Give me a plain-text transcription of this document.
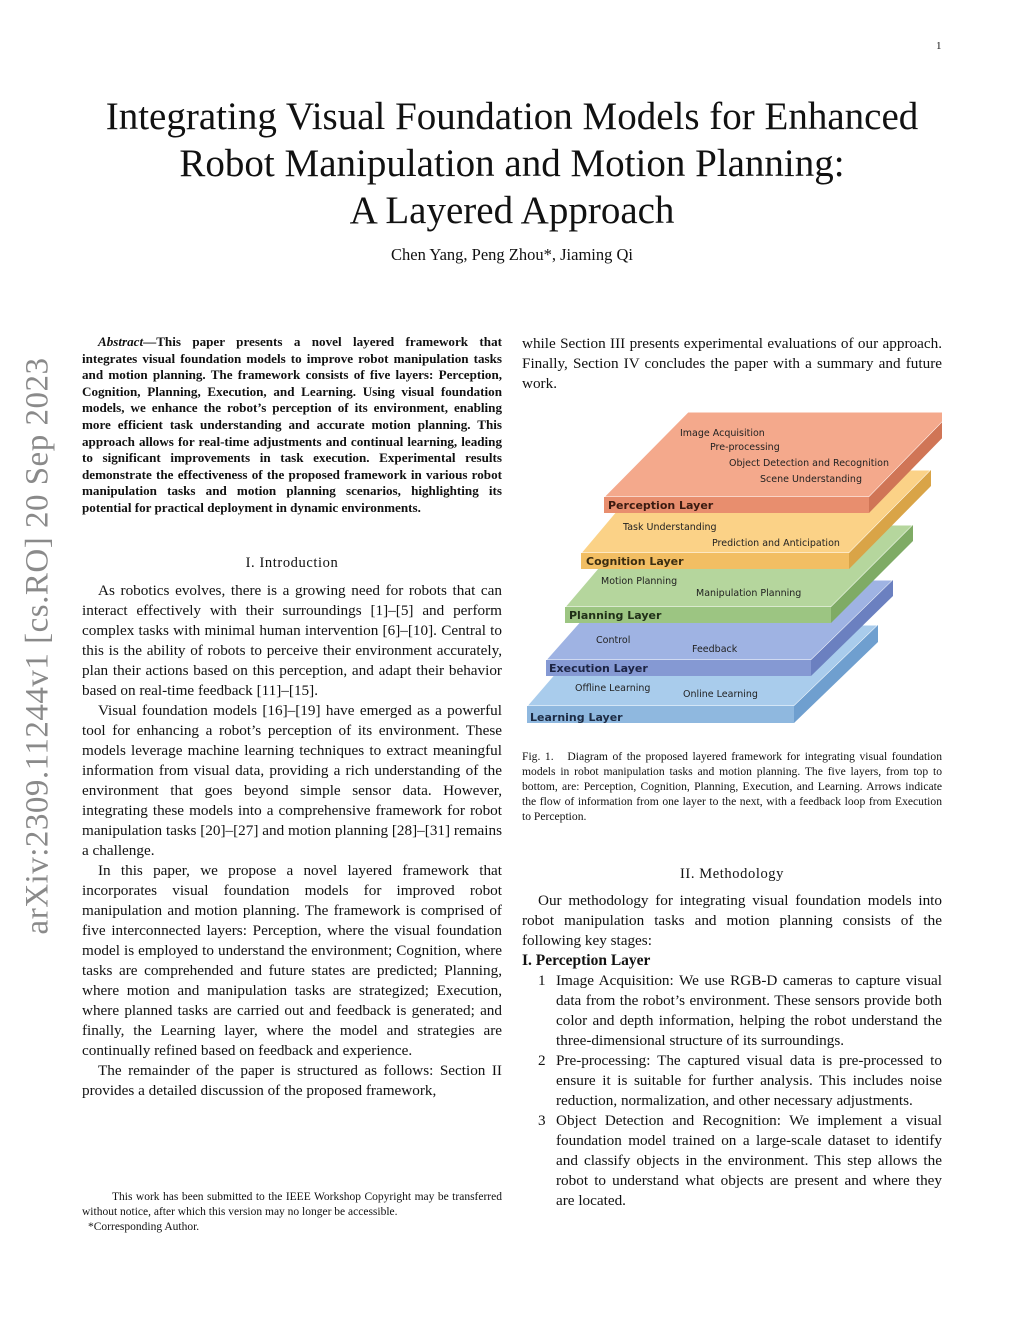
1
arXiv:2309.11244v1 [cs.RO] 20 Sep 2023
Integrating Visual Foundation Models for Enhanced
Robot Manipulation and Motion Planning:
A Layered Approach
Chen Yang, Peng Zhou*, Jiaming Qi

Abstract—This paper presents a novel layered framework that integrates visual foundation models to improve robot manipulation tasks and motion planning. The framework consists of five layers: Perception, Cognition, Planning, Execution, and Learning. Using visual foundation models, we enhance the robot’s perception of its environment, enabling more efficient task understanding and accurate motion planning. This approach allows for real-time adjustments and continual learning, leading to significant improvements in task execution. Experimental results demonstrate the effectiveness of the proposed framework in various robot manipulation tasks and motion planning scenarios, highlighting its potential for practical deployment in dynamic environments.

I. Introduction

As robotics evolves, there is a growing need for robots that can interact effectively with their surroundings [1]–[5] and perform complex tasks with minimal human intervention [6]–[10]. Central to this is the ability of robots to perceive their environment accurately, plan their actions based on this perception, and adapt their behavior based on real-time feedback [11]–[15].

Visual foundation models [16]–[19] have emerged as a powerful tool for enhancing a robot’s perception of its environment. These models leverage machine learning techniques to extract meaningful information from visual data, providing a rich understanding of the environment that goes beyond simple sensor data. However, integrating these models into a comprehensive framework for robot manipulation tasks [20]–[27] and motion planning [28]–[31] remains a challenge.

In this paper, we propose a novel layered framework that incorporates visual foundation models for improved robot manipulation and motion planning. The framework is comprised of five interconnected layers: Perception, where the visual foundation model is employed to understand the environment; Cognition, where tasks are comprehended and future states are predicted; Planning, where motion and manipulation tasks are strategized; Execution, where planned tasks are carried out and feedback is generated; and finally, the Learning layer, where the model and strategies are continually refined based on feedback and experience.

The remainder of the paper is structured as follows: Section II provides a detailed discussion of the proposed framework,

This work has been submitted to the IEEE Workshop Copyright may be transferred without notice, after which this version may no longer be accessible.

*Corresponding Author.

while Section III presents experimental evaluations of our approach. Finally, Section IV concludes the paper with a summary and future work.

Learning Layer
Offline Learning
Online Learning
Execution Layer
Control
Feedback
Planning Layer
Motion Planning
Manipulation Planning
Cognition Layer
Task Understanding
Prediction and Anticipation
Perception Layer
Image Acquisition
Pre-processing
Object Detection and Recognition
Scene Understanding

Fig. 1. Diagram of the proposed layered framework for integrating visual foundation models in robot manipulation tasks and motion planning. The five layers, from top to bottom, are: Perception, Cognition, Planning, Execution, and Learning. Arrows indicate the flow of information from one layer to the next, with a feedback loop from Execution to Perception.

II. Methodology

Our methodology for integrating visual foundation models into robot manipulation tasks and motion planning consists of the following key stages:

I. Perception Layer

1 Image Acquisition: We use RGB-D cameras to capture visual data from the robot’s environment. These sensors provide both color and depth information, helping the robot understand the three-dimensional structure of its surroundings.
2 Pre-processing: The captured visual data is pre-processed to ensure it is suitable for further analysis. This includes noise reduction, normalization, and other necessary adjustments.
3 Object Detection and Recognition: We implement a visual foundation model trained on a large-scale dataset to identify and classify objects in the environment. This step allows the robot to understand what objects are present and where they are located.
